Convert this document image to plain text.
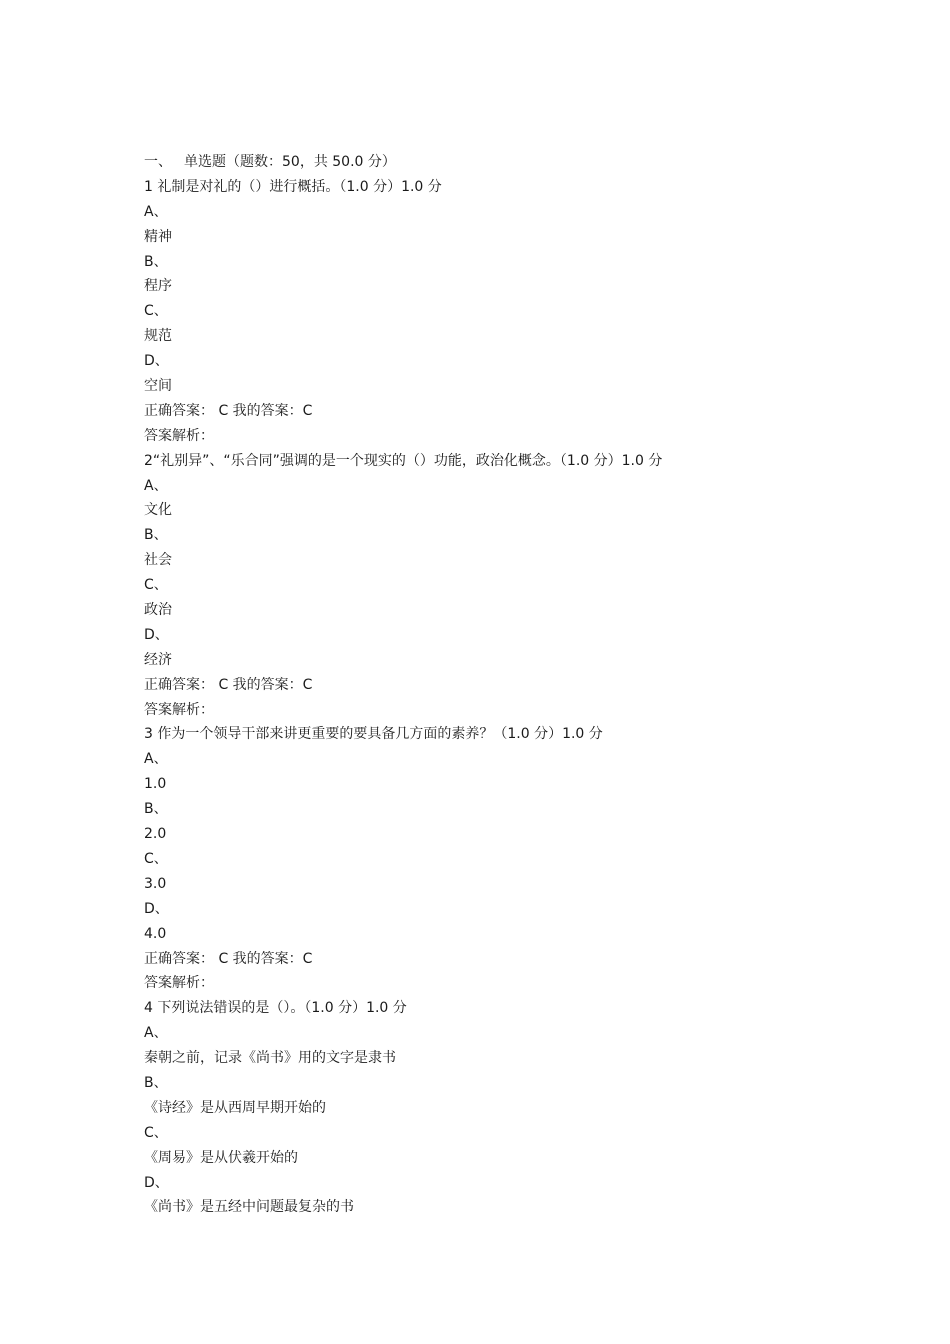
一、 单选题（题数：50，共 50.0 分）
1 礼制是对礼的（）进行概括。（1.0 分）1.0 分
A、
精神
B、
程序
C、
规范
D、
空间
正确答案： C 我的答案：C
答案解析：
2“礼别异”、“乐合同”强调的是一个现实的（）功能，政治化概念。（1.0 分）1.0 分
A、
文化
B、
社会
C、
政治
D、
经济
正确答案： C 我的答案：C
答案解析：
3 作为一个领导干部来讲更重要的要具备几方面的素养？（1.0 分）1.0 分
A、
1.0
B、
2.0
C、
3.0
D、
4.0
正确答案： C 我的答案：C
答案解析：
4 下列说法错误的是（）。（1.0 分）1.0 分
A、
秦朝之前，记录《尚书》用的文字是隶书
B、
《诗经》是从西周早期开始的
C、
《周易》是从伏羲开始的
D、
《尚书》是五经中问题最复杂的书
